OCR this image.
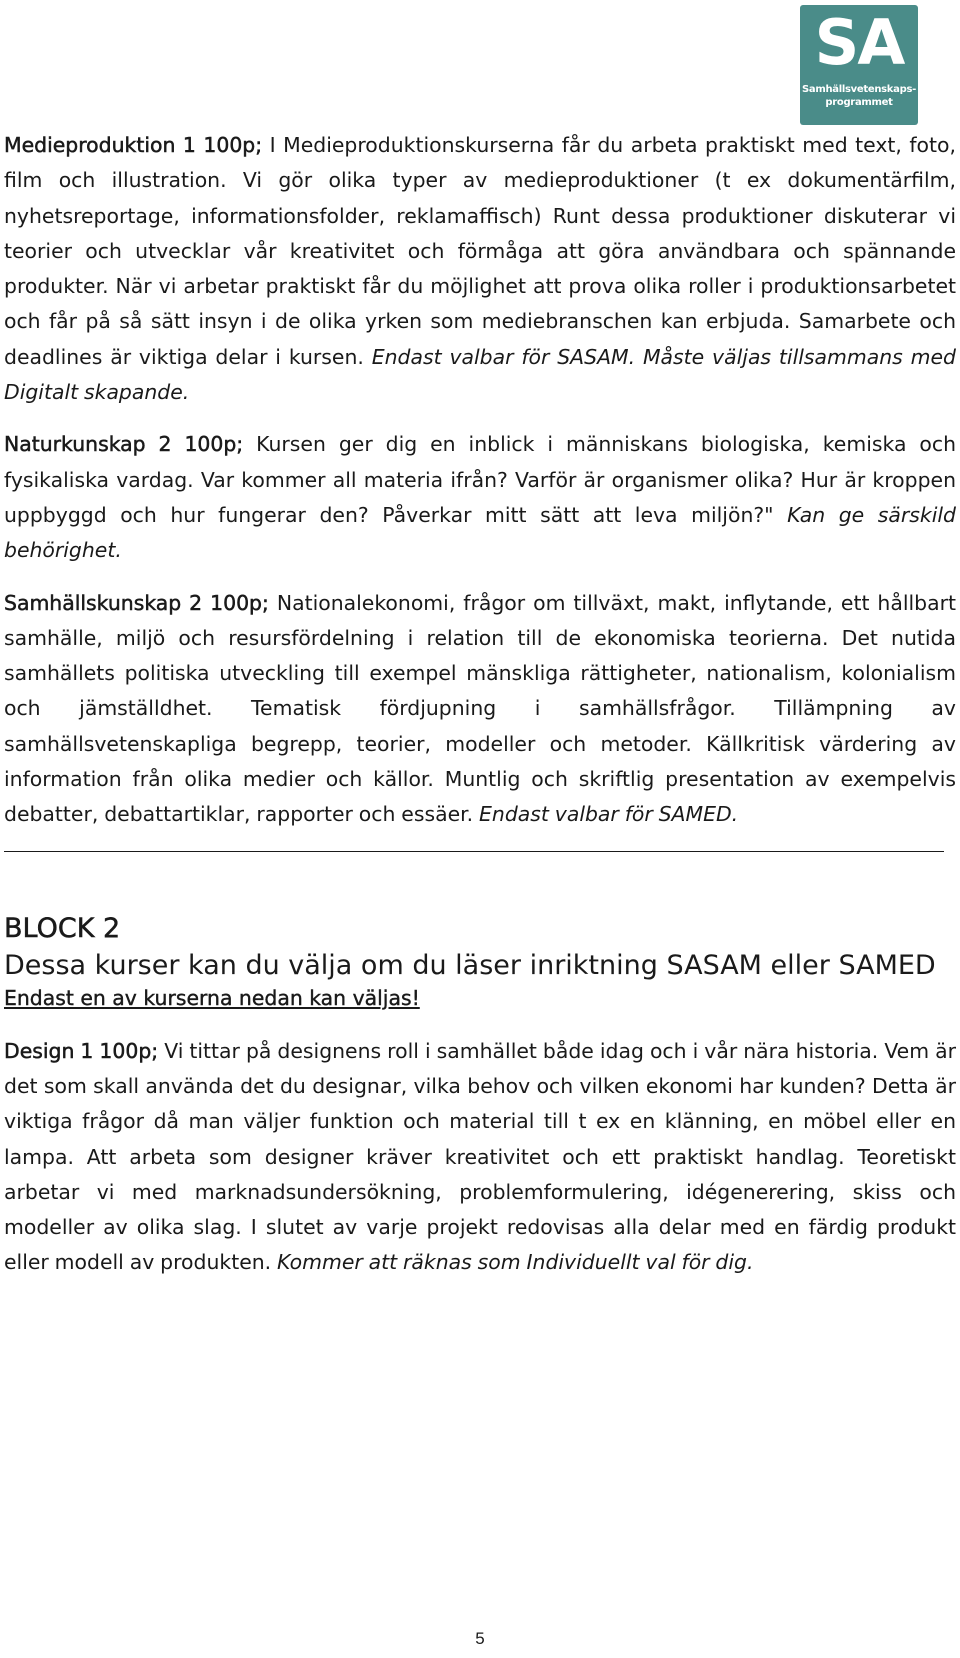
SA
Samhällsvetenskaps-programmet

Medieproduktion 1 100p; I Medieproduktionskurserna får du arbeta praktiskt med text, foto, film och illustration. Vi gör olika typer av medieproduktioner (t ex dokumentärfilm, nyhetsreportage, informationsfolder, reklamaffisch) Runt dessa produktioner diskuterar vi teorier och utvecklar vår kreativitet och förmåga att göra användbara och spännande produkter. När vi arbetar praktiskt får du möjlighet att prova olika roller i produktionsarbetet och får på så sätt insyn i de olika yrken som mediebranschen kan erbjuda. Samarbete och deadlines är viktiga delar i kursen. Endast valbar för SASAM. Måste väljas tillsammans med Digitalt skapande.

Naturkunskap 2 100p; Kursen ger dig en inblick i människans biologiska, kemiska och fysikaliska vardag. Var kommer all materia ifrån? Varför är organismer olika? Hur är kroppen uppbyggd och hur fungerar den? Påverkar mitt sätt att leva miljön?" Kan ge särskild behörighet.

Samhällskunskap 2 100p; Nationalekonomi, frågor om tillväxt, makt, inflytande, ett hållbart samhälle, miljö och resursfördelning i relation till de ekonomiska teorierna. Det nutida samhällets politiska utveckling till exempel mänskliga rättigheter, nationalism, kolonialism och jämställdhet. Tematisk fördjupning i samhällsfrågor. Tillämpning av samhällsvetenskapliga begrepp, teorier, modeller och metoder. Källkritisk värdering av information från olika medier och källor. Muntlig och skriftlig presentation av exempelvis debatter, debattartiklar, rapporter och essäer. Endast valbar för SAMED.

BLOCK 2
Dessa kurser kan du välja om du läser inriktning SASAM eller SAMED
Endast en av kurserna nedan kan väljas!

Design 1 100p; Vi tittar på designens roll i samhället både idag och i vår nära historia. Vem är det som skall använda det du designar, vilka behov och vilken ekonomi har kunden? Detta är viktiga frågor då man väljer funktion och material till t ex en klänning, en möbel eller en lampa. Att arbeta som designer kräver kreativitet och ett praktiskt handlag. Teoretiskt arbetar vi med marknadsundersökning, problemformulering, idégenerering, skiss och modeller av olika slag. I slutet av varje projekt redovisas alla delar med en färdig produkt eller modell av produkten. Kommer att räknas som Individuellt val för dig.

5
